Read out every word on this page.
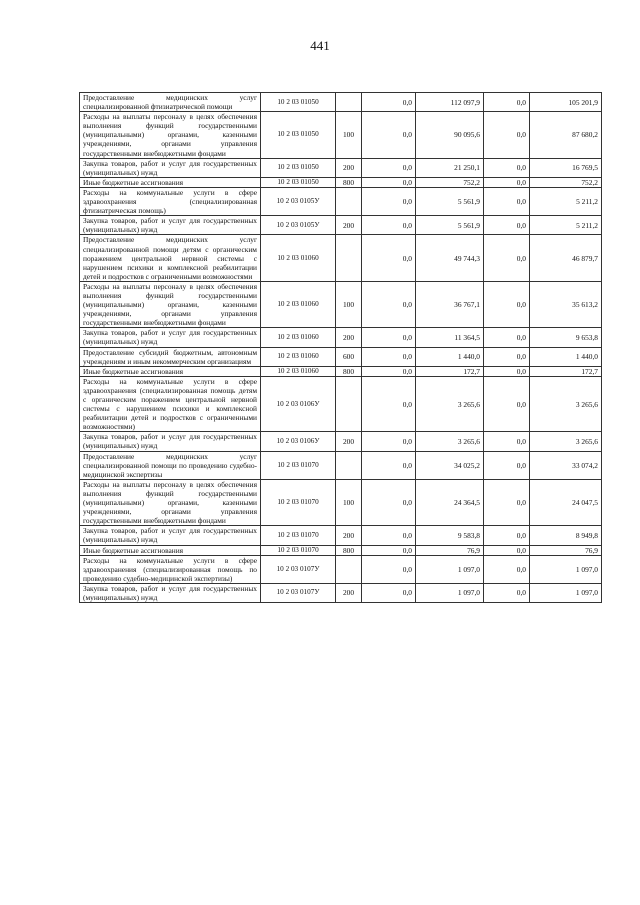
441
Предоставление медицинских услуг специализированной фтизиатрической помощи	10 2 03 01050		0,0	112 097,9	0,0	105 201,9
Расходы на выплаты персоналу в целях обеспечения выполнения функций государственными (муниципальными) органами, казенными учреждениями, органами управления государственными внебюджетными фондами	10 2 03 01050	100	0,0	90 095,6	0,0	87 680,2
Закупка товаров, работ и услуг для государственных (муниципальных) нужд	10 2 03 01050	200	0,0	21 250,1	0,0	16 769,5
Иные бюджетные ассигнования	10 2 03 01050	800	0,0	752,2	0,0	752,2
Расходы на коммунальные услуги в сфере здравоохранения (специализированная фтизиатрическая помощь)	10 2 03 0105У		0,0	5 561,9	0,0	5 211,2
Закупка товаров, работ и услуг для государственных (муниципальных) нужд	10 2 03 0105У	200	0,0	5 561,9	0,0	5 211,2
Предоставление медицинских услуг специализированной помощи детям с органическим поражением центральной нервной системы с нарушением психики и комплексной реабилитации детей и подростков с ограниченными возможностями	10 2 03 01060		0,0	49 744,3	0,0	46 879,7
Расходы на выплаты персоналу в целях обеспечения выполнения функций государственными (муниципальными) органами, казенными учреждениями, органами управления государственными внебюджетными фондами	10 2 03 01060	100	0,0	36 767,1	0,0	35 613,2
Закупка товаров, работ и услуг для государственных (муниципальных) нужд	10 2 03 01060	200	0,0	11 364,5	0,0	9 653,8
Предоставление субсидий бюджетным, автономным учреждениям и иным некоммерческим организациям	10 2 03 01060	600	0,0	1 440,0	0,0	1 440,0
Иные бюджетные ассигнования	10 2 03 01060	800	0,0	172,7	0,0	172,7
Расходы на коммунальные услуги в сфере здравоохранения (специализированная помощь детям с органическим поражением центральной нервной системы с нарушением психики и комплексной реабилитации детей и подростков с ограниченными возможностями)	10 2 03 0106У		0,0	3 265,6	0,0	3 265,6
Закупка товаров, работ и услуг для государственных (муниципальных) нужд	10 2 03 0106У	200	0,0	3 265,6	0,0	3 265,6
Предоставление медицинских услуг специализированной помощи по проведению судебно-медицинской экспертизы	10 2 03 01070		0,0	34 025,2	0,0	33 074,2
Расходы на выплаты персоналу в целях обеспечения выполнения функций государственными (муниципальными) органами, казенными учреждениями, органами управления государственными внебюджетными фондами	10 2 03 01070	100	0,0	24 364,5	0,0	24 047,5
Закупка товаров, работ и услуг для государственных (муниципальных) нужд	10 2 03 01070	200	0,0	9 583,8	0,0	8 949,8
Иные бюджетные ассигнования	10 2 03 01070	800	0,0	76,9	0,0	76,9
Расходы на коммунальные услуги в сфере здравоохранения (специализированная помощь по проведению судебно-медицинской экспертизы)	10 2 03 0107У		0,0	1 097,0	0,0	1 097,0
Закупка товаров, работ и услуг для государственных (муниципальных) нужд	10 2 03 0107У	200	0,0	1 097,0	0,0	1 097,0
